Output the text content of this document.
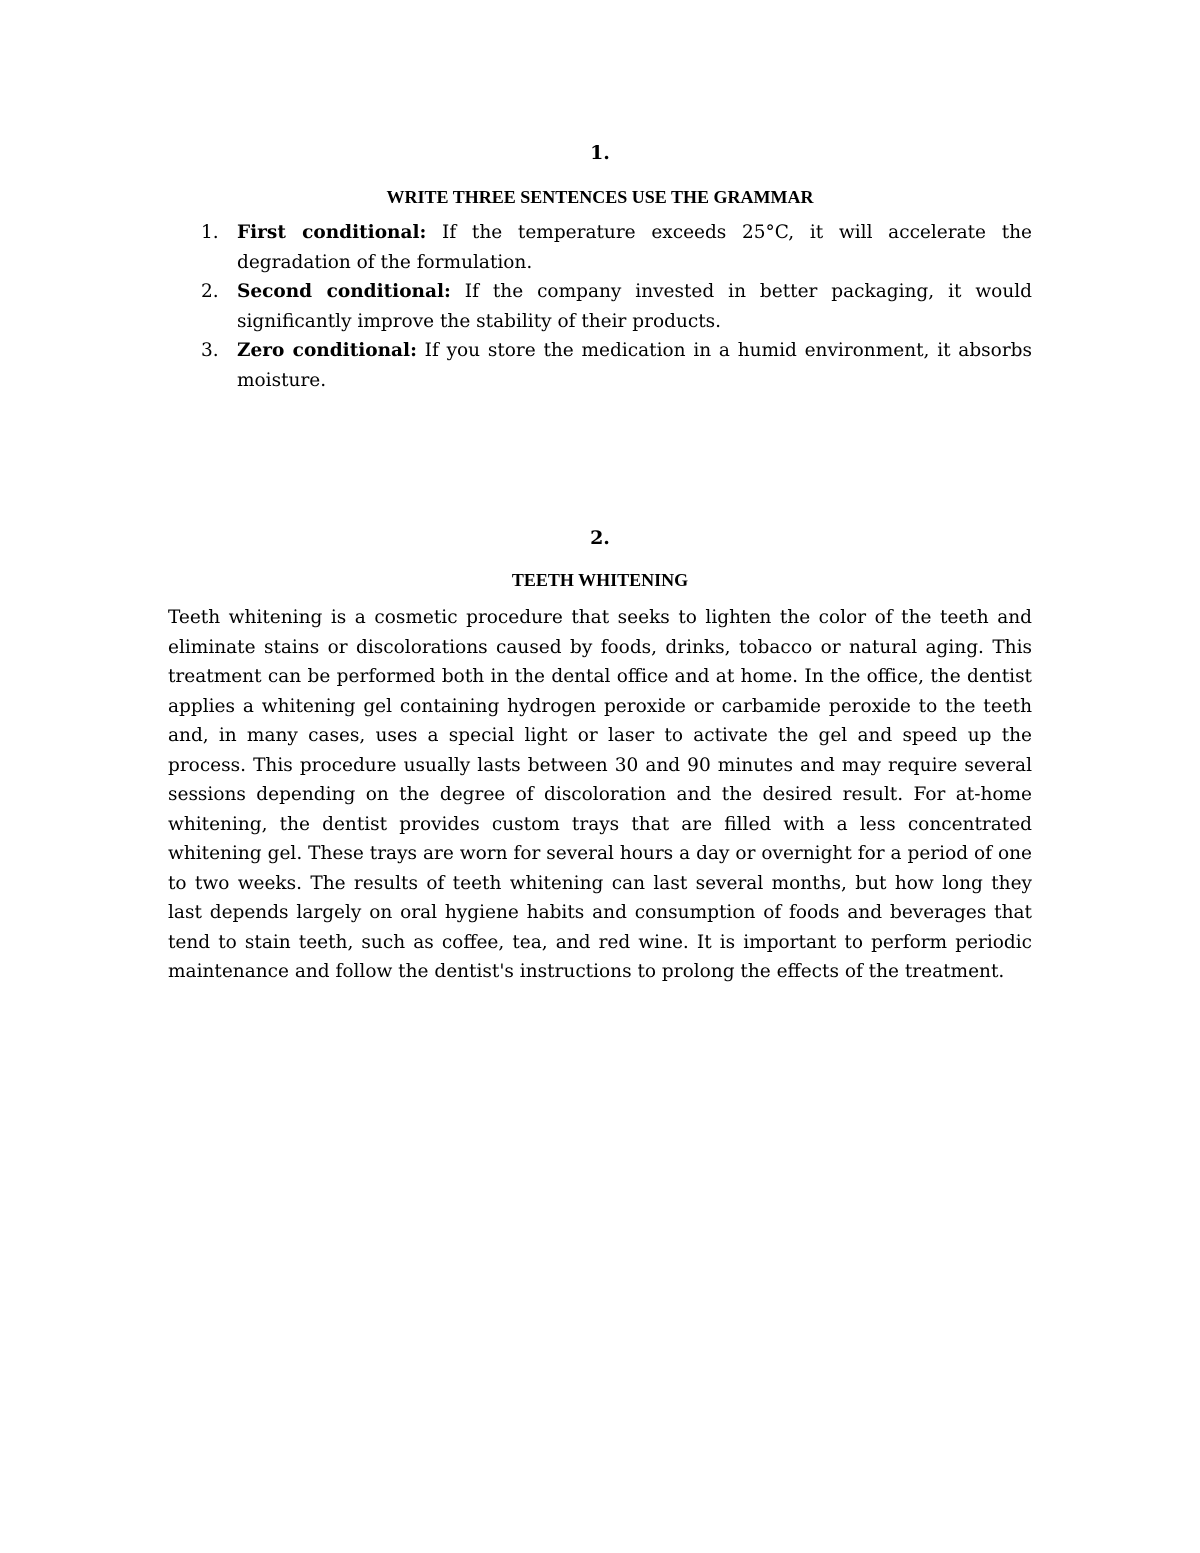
1.

WRITE THREE SENTENCES USE THE GRAMMAR

1. First conditional: If the temperature exceeds 25°C, it will accelerate the degradation of the formulation.
2. Second conditional: If the company invested in better packaging, it would significantly improve the stability of their products.
3. Zero conditional: If you store the medication in a humid environment, it absorbs moisture.

2.

TEETH WHITENING

Teeth whitening is a cosmetic procedure that seeks to lighten the color of the teeth and eliminate stains or discolorations caused by foods, drinks, tobacco or natural aging. This treatment can be performed both in the dental office and at home. In the office, the dentist applies a whitening gel containing hydrogen peroxide or carbamide peroxide to the teeth and, in many cases, uses a special light or laser to activate the gel and speed up the process. This procedure usually lasts between 30 and 90 minutes and may require several sessions depending on the degree of discoloration and the desired result. For at-home whitening, the dentist provides custom trays that are filled with a less concentrated whitening gel. These trays are worn for several hours a day or overnight for a period of one to two weeks. The results of teeth whitening can last several months, but how long they last depends largely on oral hygiene habits and consumption of foods and beverages that tend to stain teeth, such as coffee, tea, and red wine. It is important to perform periodic maintenance and follow the dentist's instructions to prolong the effects of the treatment.
